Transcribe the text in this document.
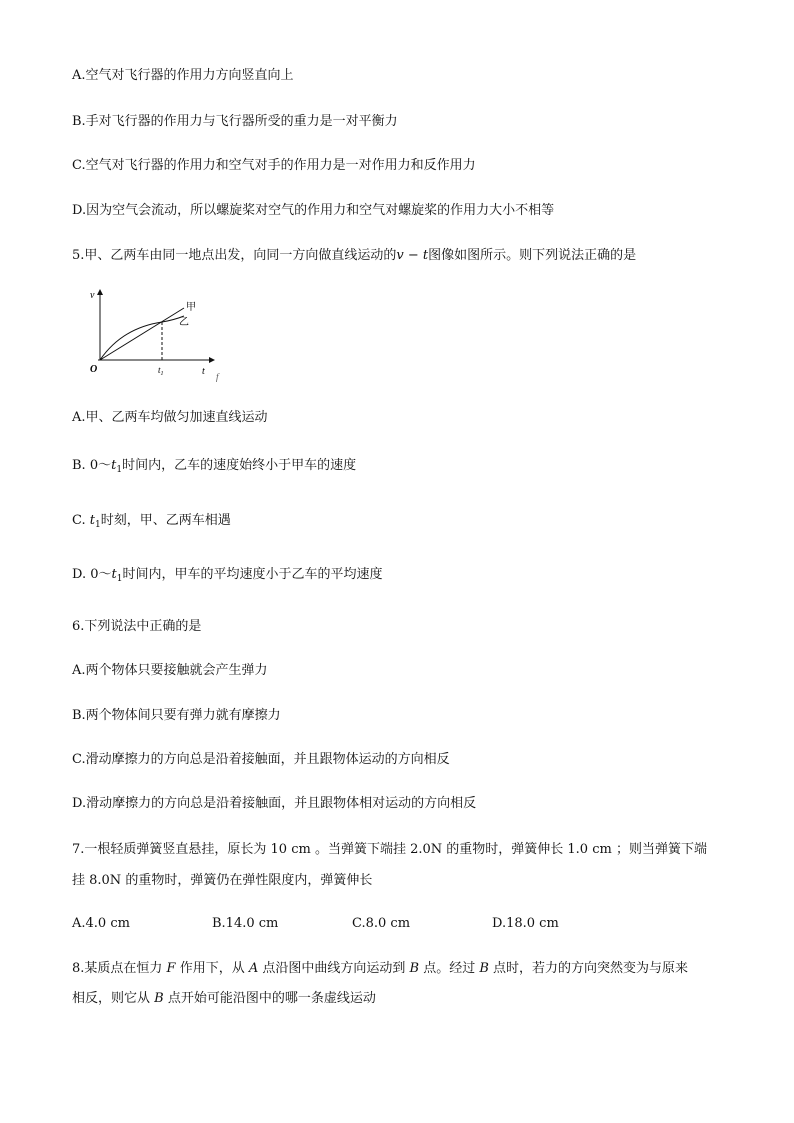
A.空气对飞行器的作用力方向竖直向上
B.手对飞行器的作用力与飞行器所受的重力是一对平衡力
C.空气对飞行器的作用力和空气对手的作用力是一对作用力和反作用力
D.因为空气会流动，所以螺旋桨对空气的作用力和空气对螺旋桨的作用力大小不相等
5.甲、乙两车由同一地点出发，向同一方向做直线运动的v − t图像如图所示。则下列说法正确的是
v
t
O	$t_1$
甲
乙
f
A.甲、乙两车均做匀加速直线运动
B. $0\sim t_1$时间内，乙车的速度始终小于甲车的速度
C. $t_1$时刻，甲、乙两车相遇
D. $0\sim t_1$时间内，甲车的平均速度小于乙车的平均速度
6.下列说法中正确的是
A.两个物体只要接触就会产生弹力
B.两个物体间只要有弹力就有摩擦力
C.滑动摩擦力的方向总是沿着接触面，并且跟物体运动的方向相反
D.滑动摩擦力的方向总是沿着接触面，并且跟物体相对运动的方向相反
7.一根轻质弹簧竖直悬挂，原长为 10 cm 。当弹簧下端挂 2.0N 的重物时，弹簧伸长 1.0 cm ；则当弹簧下端
挂 8.0N 的重物时，弹簧仍在弹性限度内，弹簧伸长
A.4.0 cm	B.14.0 cm	C.8.0 cm	D.18.0 cm
8.某质点在恒力 F 作用下，从 A 点沿图中曲线方向运动到 B 点。经过 B 点时，若力的方向突然变为与原来
相反，则它从 B 点开始可能沿图中的哪一条虚线运动
